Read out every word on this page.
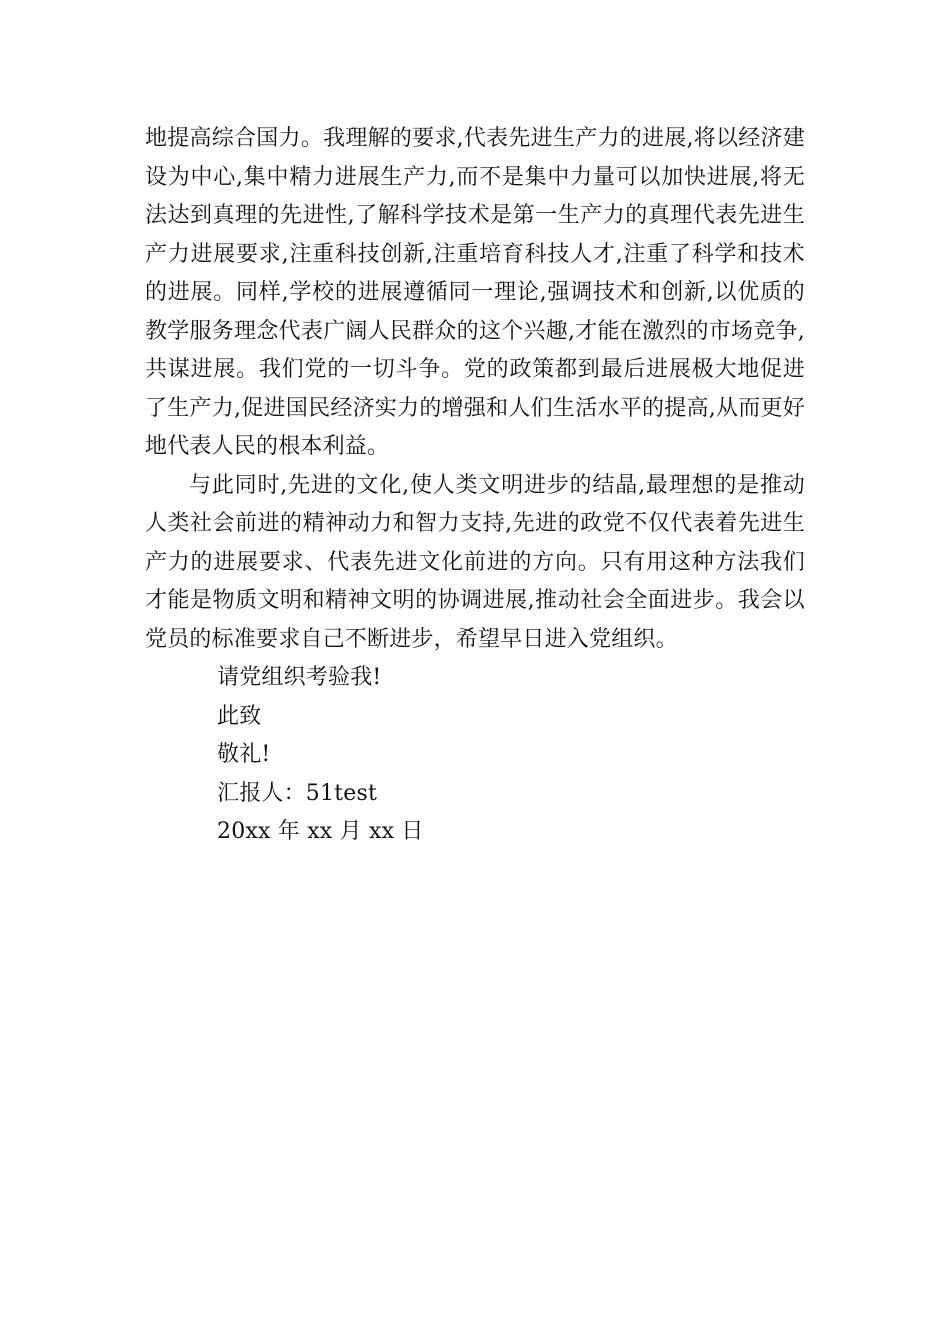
地提高综合国力。我理解的要求,代表先进生产力的进展,将以经济建设为中心,集中精力进展生产力,而不是集中力量可以加快进展,将无法达到真理的先进性,了解科学技术是第一生产力的真理代表先进生产力进展要求,注重科技创新,注重培育科技人才,注重了科学和技术的进展。同样,学校的进展遵循同一理论,强调技术和创新,以优质的教学服务理念代表广阔人民群众的这个兴趣,才能在激烈的市场竞争,共谋进展。我们党的一切斗争。党的政策都到最后进展极大地促进了生产力,促进国民经济实力的增强和人们生活水平的提高,从而更好地代表人民的根本利益。

与此同时,先进的文化,使人类文明进步的结晶,最理想的是推动人类社会前进的精神动力和智力支持,先进的政党不仅代表着先进生产力的进展要求、代表先进文化前进的方向。只有用这种方法我们才能是物质文明和精神文明的协调进展,推动社会全面进步。我会以党员的标准要求自己不断进步，希望早日进入党组织。

请党组织考验我!

此致

敬礼!

汇报人：51test

20xx 年 xx 月 xx 日
